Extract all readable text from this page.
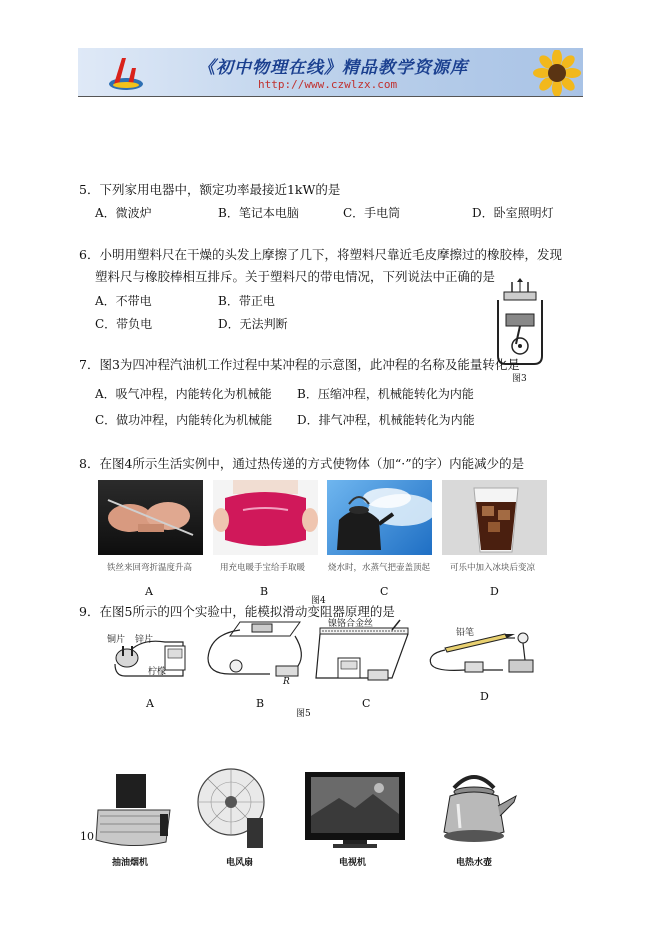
《初中物理在线》精品教学资源库
http://www.czwlzx.com
5．下列家用电器中，额定功率最接近1kW的是
A．微波炉	B．笔记本电脑	C．手电筒	D．卧室照明灯
6．小明用塑料尺在干燥的头发上摩擦了几下，将塑料尺靠近毛皮摩擦过的橡胶棒，发现
塑料尺与橡胶棒相互排斥。关于塑料尺的带电情况，下列说法中正确的是
A．不带电	B．带正电
C．带负电	D．无法判断
图3
7．图3为四冲程汽油机工作过程中某冲程的示意图，此冲程的名称及能量转化是
A．吸气冲程，内能转化为机械能 B．压缩冲程，机械能转化为内能
C．做功冲程，内能转化为机械能 D．排气冲程，机械能转化为内能
8．在图4所示生活实例中，通过热传递的方式使物体（加“·”的字）内能减少的是
铁丝来回弯折温度升高	用充电暖手宝给手取暖	烧水时，水蒸气把壶盖顶起 可乐中加入冰块后变凉
A	B	C	D
图4
9．在图5所示的四个实验中，能模拟滑动变阻器原理的是
铜片 锌片
柠檬
R
镍铬合金丝
铅笔
A	B	C
D
图5
10
抽油烟机	电风扇	电视机	电热水壶
